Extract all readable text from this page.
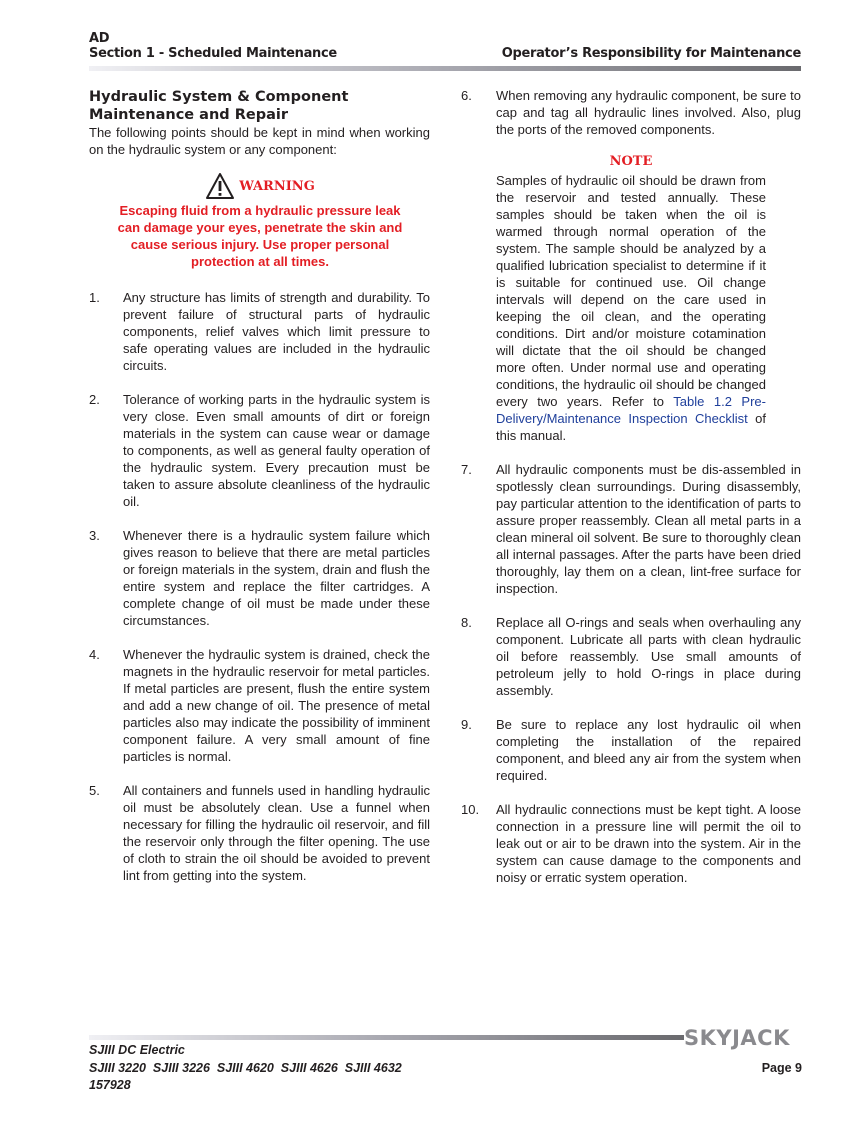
AD
Section 1 - Scheduled Maintenance	Operator’s Responsibility for Maintenance
Hydraulic System & Component Maintenance and Repair
The following points should be kept in mind when working on the hydraulic system or any component:
WARNING
Escaping fluid from a hydraulic pressure leak can damage your eyes, penetrate the skin and cause serious injury. Use proper personal protection at all times.
1. Any structure has limits of strength and durability. To prevent failure of structural parts of hydraulic components, relief valves which limit pressure to safe operating values are included in the hydraulic circuits.
2. Tolerance of working parts in the hydraulic system is very close. Even small amounts of dirt or foreign materials in the system can cause wear or damage to components, as well as general faulty operation of the hydraulic system. Every precaution must be taken to assure absolute cleanliness of the hydraulic oil.
3. Whenever there is a hydraulic system failure which gives reason to believe that there are metal particles or foreign materials in the system, drain and flush the entire system and replace the filter cartridges. A complete change of oil must be made under these circumstances.
4. Whenever the hydraulic system is drained, check the magnets in the hydraulic reservoir for metal particles. If metal particles are present, flush the entire system and add a new change of oil. The presence of metal particles also may indicate the possibility of imminent component failure. A very small amount of fine particles is normal.
5. All containers and funnels used in handling hydraulic oil must be absolutely clean. Use a funnel when necessary for filling the hydraulic oil reservoir, and fill the reservoir only through the filter opening. The use of cloth to strain the oil should be avoided to prevent lint from getting into the system.
6. When removing any hydraulic component, be sure to cap and tag all hydraulic lines involved. Also, plug the ports of the removed components.
NOTE
Samples of hydraulic oil should be drawn from the reservoir and tested annually. These samples should be taken when the oil is warmed through normal operation of the system. The sample should be analyzed by a qualified lubrication specialist to determine if it is suitable for continued use. Oil change intervals will depend on the care used in keeping the oil clean, and the operating conditions. Dirt and/or moisture cotamination will dictate that the oil should be changed more often. Under normal use and operating conditions, the hydraulic oil should be changed every two years. Refer to Table 1.2 Pre-Delivery/Maintenance Inspection Checklist of this manual.
7. All hydraulic components must be dis-assembled in spotlessly clean surroundings. During disassembly, pay particular attention to the identification of parts to assure proper reassembly. Clean all metal parts in a clean mineral oil solvent. Be sure to thoroughly clean all internal passages. After the parts have been dried thoroughly, lay them on a clean, lint-free surface for inspection.
8. Replace all O-rings and seals when overhauling any component. Lubricate all parts with clean hydraulic oil before reassembly. Use small amounts of petroleum jelly to hold O-rings in place during assembly.
9. Be sure to replace any lost hydraulic oil when completing the installation of the repaired component, and bleed any air from the system when required.
10. All hydraulic connections must be kept tight. A loose connection in a pressure line will permit the oil to leak out or air to be drawn into the system. Air in the system can cause damage to the components and noisy or erratic system operation.
SKYJACK
SJIII DC Electric
SJIII 3220  SJIII 3226  SJIII 4620  SJIII 4626  SJIII 4632
157928
Page 9
